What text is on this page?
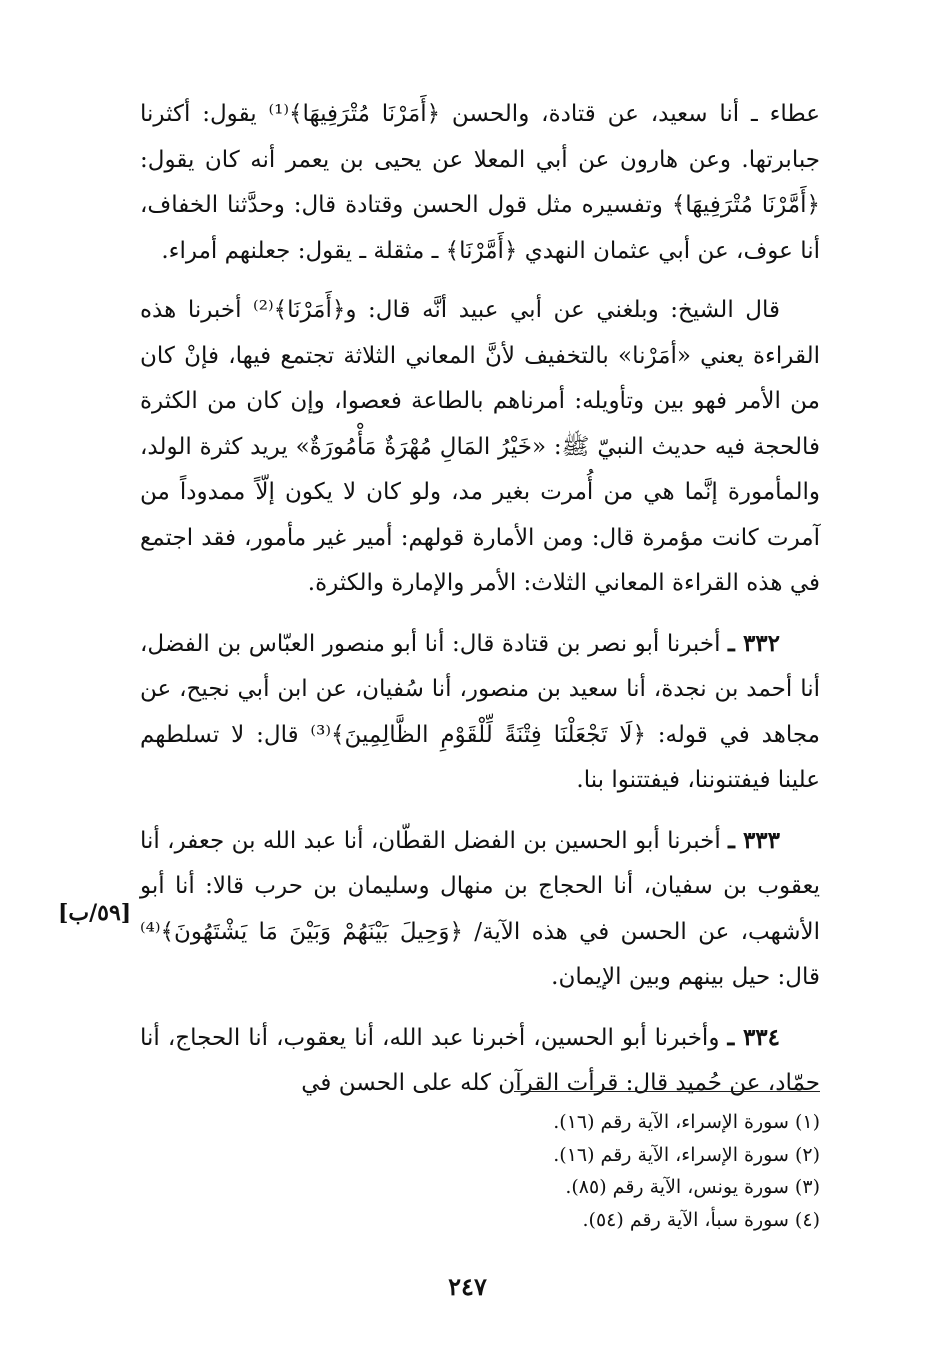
عطاء ـ أنا سعيد، عن قتادة، والحسن ﴿أَمَرْنَا مُتْرَفِيهَا﴾⁽¹⁾ يقول: أكثرنا جبابرتها. وعن هارون عن أبي المعلا عن يحيى بن يعمر أنه كان يقول: ﴿أَمَّرْنَا مُتْرَفِيهَا﴾ وتفسيره مثل قول الحسن وقتادة قال: وحدَّثنا الخفاف، أنا عوف، عن أبي عثمان النهدي ﴿أَمَّرْنَا﴾ ـ مثقلة ـ يقول: جعلنهم أمراء.

قال الشيخ: وبلغني عن أبي عبيد أنَّه قال: و﴿أَمَرْنَا﴾⁽²⁾ أخبرنا هذه القراءة يعني «أمَرْنا» بالتخفيف لأنَّ المعاني الثلاثة تجتمع فيها، فإنْ كان من الأمر فهو بين وتأويله: أمرناهم بالطاعة فعصوا، وإن كان من الكثرة فالحجة فيه حديث النبيّ ﷺ: «خَيْرُ المَالِ مُهْرَةٌ مَأْمُورَةٌ» يريد كثرة الولد، والمأمورة إنَّما هي من أُمرت بغير مد، ولو كان لا يكون إلّاً ممدوداً من آمرت كانت مؤمرة قال: ومن الأمارة قولهم: أمير غير مأمور، فقد اجتمع في هذه القراءة المعاني الثلاث: الأمر والإمارة والكثرة.

٣٣٢ ـ أخبرنا أبو نصر بن قتادة قال: أنا أبو منصور العبّاس بن الفضل، أنا أحمد بن نجدة، أنا سعيد بن منصور، أنا سُفيان، عن ابن أبي نجيح، عن مجاهد في قوله: ﴿لَا تَجْعَلْنَا فِتْنَةً لِّلْقَوْمِ الظَّالِمِينَ﴾⁽³⁾ قال: لا تسلطهم علينا فيفتنوننا، فيفتتنوا بنا.

٣٣٣ ـ أخبرنا أبو الحسين بن الفضل القطّان، أنا عبد الله بن جعفر، أنا يعقوب بن سفيان، أنا الحجاج بن منهال وسليمان بن حرب قالا: أنا أبو الأشهب، عن الحسن في هذه الآية/ ﴿وَحِيلَ بَيْنَهُمْ وَبَيْنَ مَا يَشْتَهُونَ﴾⁽⁴⁾ قال: حيل بينهم وبين الإيمان.

٣٣٤ ـ وأخبرنا أبو الحسين، أخبرنا عبد الله، أنا يعقوب، أنا الحجاج، أنا حمّاد، عن حُميد قال: قرأت القرآن كله على الحسن في

[٥٩/ب]

(١) سورة الإسراء، الآية رقم (١٦).

(٢) سورة الإسراء، الآية رقم (١٦).

(٣) سورة يونس، الآية رقم (٨٥).

(٤) سورة سبأ، الآية رقم (٥٤).

٢٤٧
